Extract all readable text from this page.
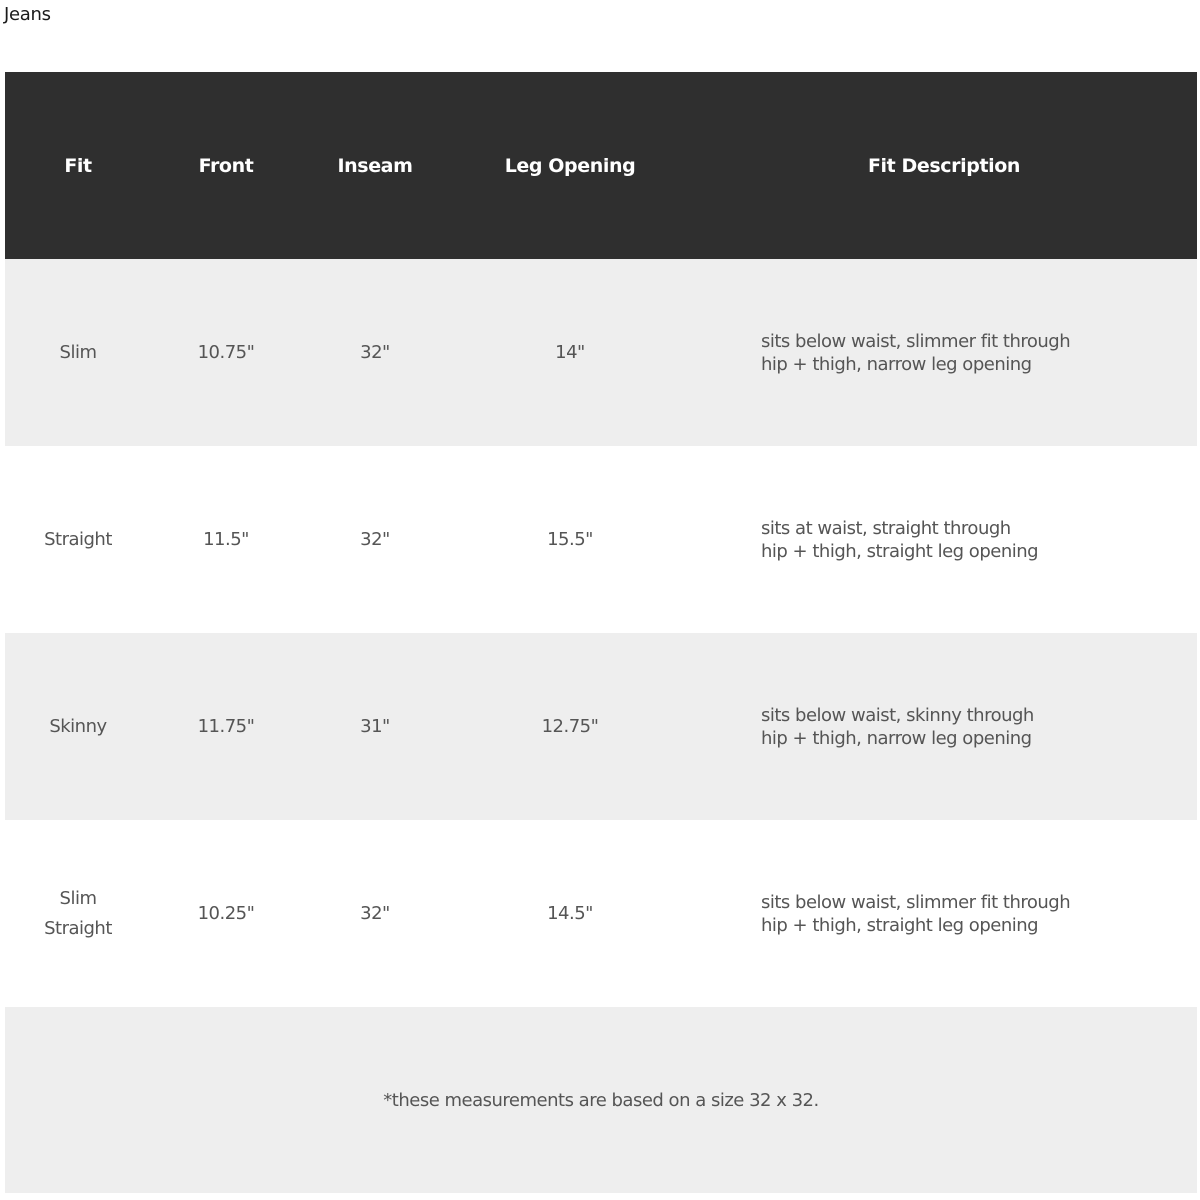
Jeans
Fit	Front	Inseam	Leg Opening	Fit Description
Slim	10.75"	32"	14"	sits below waist, slimmer fit through
hip + thigh, narrow leg opening

Straight	11.5"	32"	15.5"	sits at waist, straight through
hip + thigh, straight leg opening

Skinny	11.75"	31"	12.75"	sits below waist, skinny through
hip + thigh, narrow leg opening

Slim Straight	10.25"	32"	14.5"	sits below waist, slimmer fit through
hip + thigh, straight leg opening

*these measurements are based on a size 32 x 32.				
